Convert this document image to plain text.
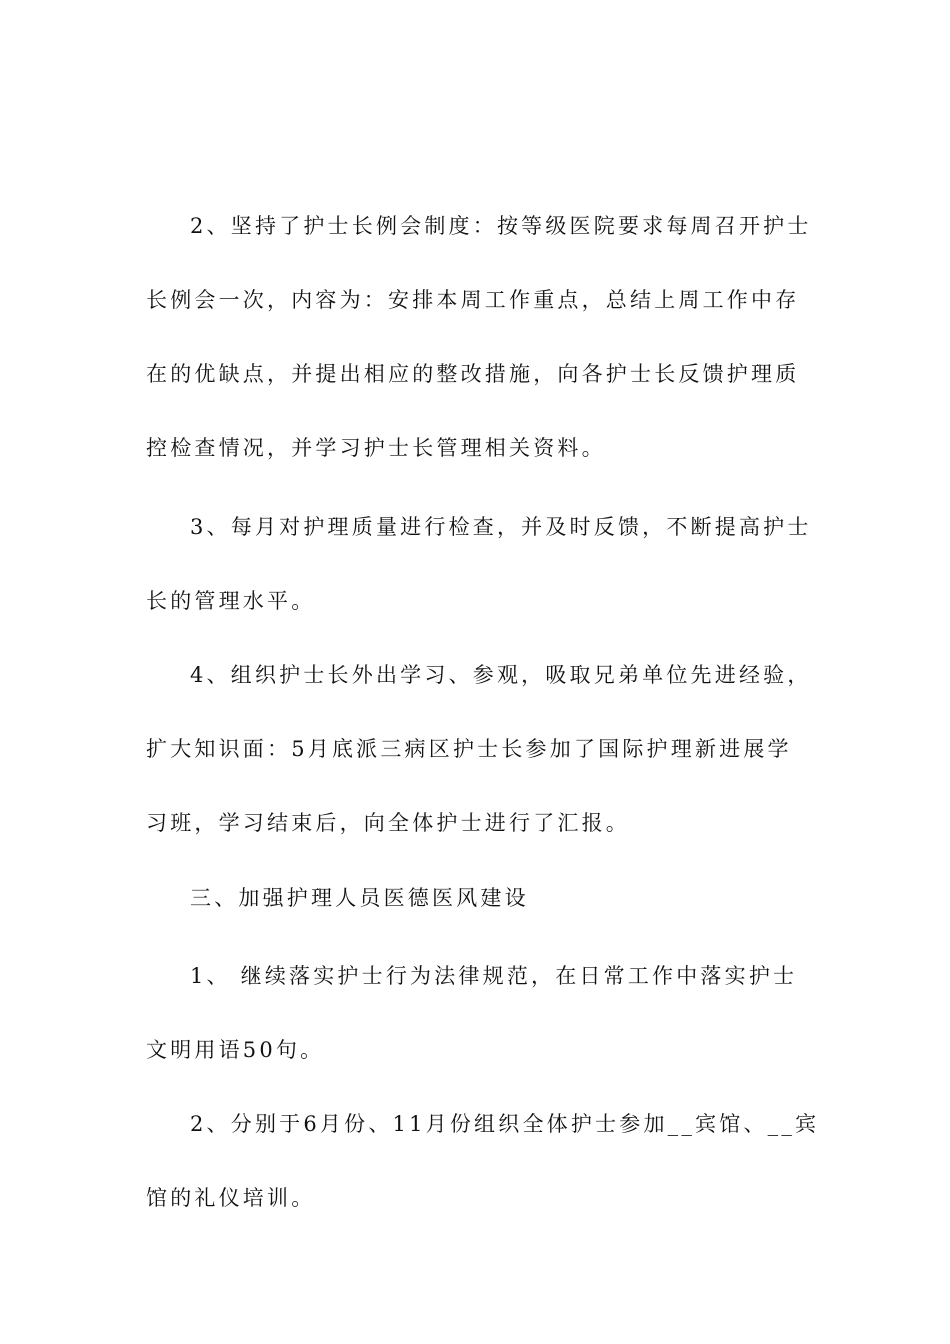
2、坚持了护士长例会制度：按等级医院要求每周召开护士
长例会一次，内容为：安排本周工作重点，总结上周工作中存
在的优缺点，并提出相应的整改措施，向各护士长反馈护理质
控检查情况，并学习护士长管理相关资料。
3、每月对护理质量进行检查，并及时反馈，不断提高护士
长的管理水平。
4、组织护士长外出学习、参观，吸取兄弟单位先进经验，
扩大知识面：5月底派三病区护士长参加了国际护理新进展学
习班，学习结束后，向全体护士进行了汇报。
三、加强护理人员医德医风建设
1、 继续落实护士行为法律规范，在日常工作中落实护士
文明用语50句。
2、分别于6月份、11月份组织全体护士参加__宾馆、__宾
馆的礼仪培训。
